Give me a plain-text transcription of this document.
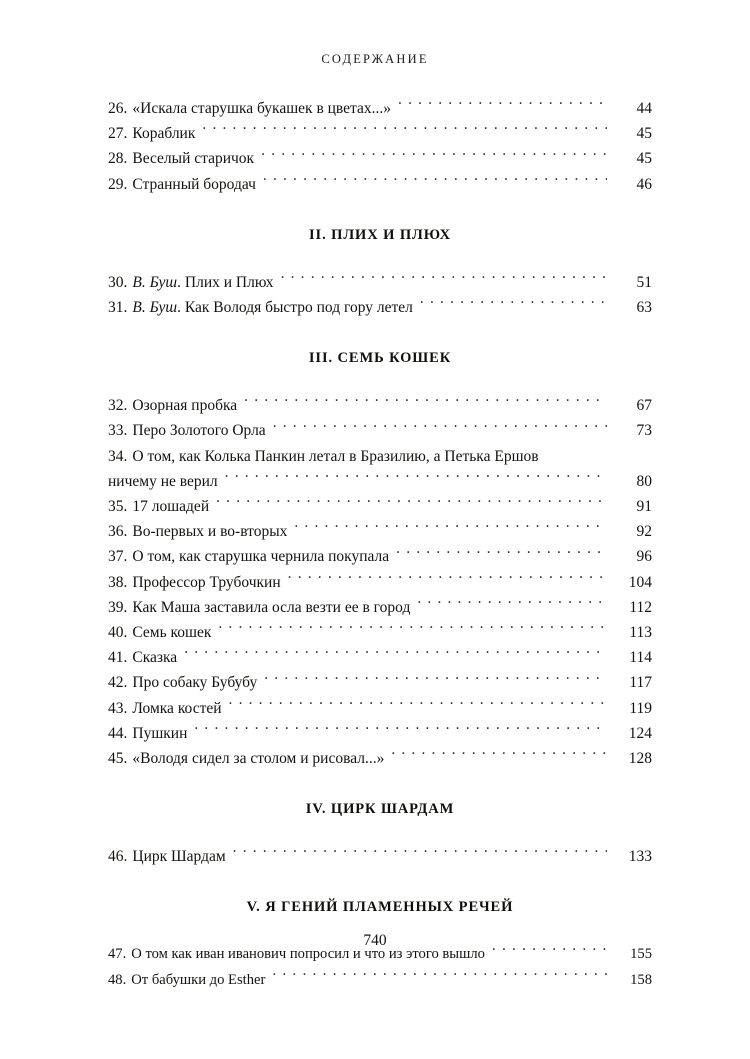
СОДЕРЖАНИЕ
26. «Искала старушка букашек в цветах...» . . .	44
27. Кораблик . . .	45
28. Веселый старичок . . .	45
29. Странный бородач . . .	46
II. ПЛИХ И ПЛЮХ
30. В. Буш. Плих и Плюх . . .	51
31. В. Буш. Как Володя быстро под гору летел . . .	63
III. СЕМЬ КОШЕК
32. Озорная пробка . . .	67
33. Перо Золотого Орла . . .	73
34. О том, как Колька Панкин летал в Бразилию, а Петька Ершов
ничему не верил . . .	80
35. 17 лошадей . . .	91
36. Во-первых и во-вторых . . .	92
37. О том, как старушка чернила покупала . . .	96
38. Профессор Трубочкин . . .	104
39. Как Маша заставила осла везти ее в город . . .	112
40. Семь кошек . . .	113
41. Сказка . . .	114
42. Про собаку Бубубу . . .	117
43. Ломка костей . . .	119
44. Пушкин . . .	124
45. «Володя сидел за столом и рисовал...» . . .	128
IV. ЦИРК ШАРДАМ
46. Цирк Шардам . . .	133
V. Я ГЕНИЙ ПЛАМЕННЫХ РЕЧЕЙ
47. О том как иван иванович попросил и что из этого вышло . . .	155
48. От бабушки до Esther . . .	158
740
